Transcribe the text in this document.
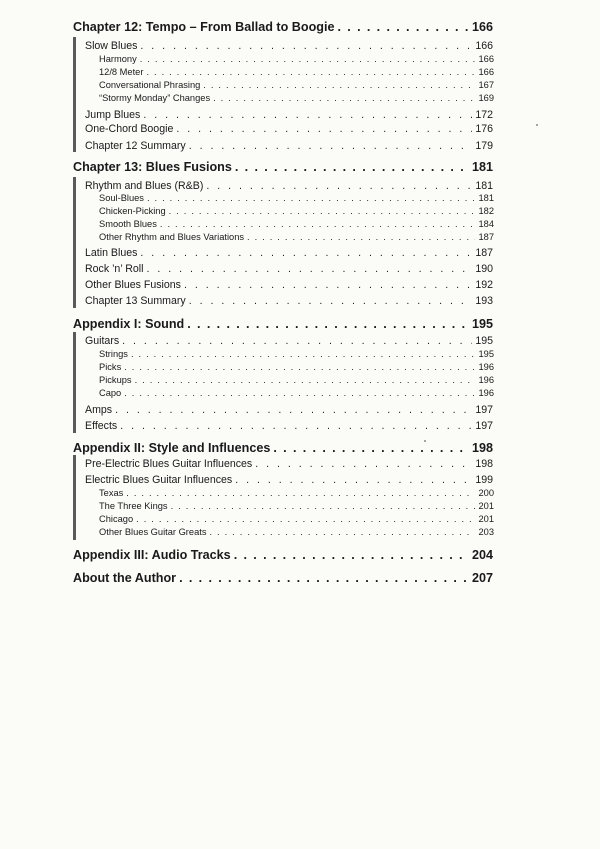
Chapter 12: Tempo – From Ballad to Boogie . . .	166
Slow Blues . . .	166
Harmony . . .	166
12/8 Meter . . .	166
Conversational Phrasing . . .	167
“Stormy Monday” Changes . . .	169
Jump Blues . . .	172
One-Chord Boogie . . .	176
Chapter 12 Summary . . .	179
Chapter 13: Blues Fusions . . .	181
Rhythm and Blues (R&B) . . .	181
Soul-Blues . . .	181
Chicken-Picking . . .	182
Smooth Blues . . .	184
Other Rhythm and Blues Variations . . .	187
Latin Blues . . .	187
Rock ’n’ Roll . . .	190
Other Blues Fusions . . .	192
Chapter 13 Summary . . .	193
Appendix I: Sound . . .	195
Guitars . . .	195
Strings . . .	195
Picks . . .	196
Pickups . . .	196
Capo . . .	196
Amps . . .	197
Effects . . .	197
Appendix II: Style and Influences . . .	198
Pre-Electric Blues Guitar Influences . . .	198
Electric Blues Guitar Influences . . .	199
Texas . . .	200
The Three Kings . . .	201
Chicago . . .	201
Other Blues Guitar Greats . . .	203
Appendix III: Audio Tracks . . .	204
About the Author . . .	207
